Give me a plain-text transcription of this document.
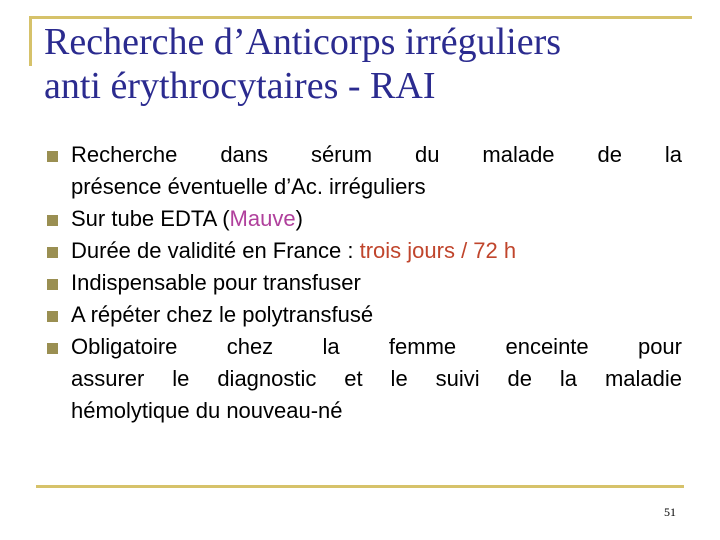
Recherche d’Anticorps irréguliers
anti érythrocytaires - RAI
Recherche dans sérum du malade de la
présence éventuelle d’Ac. irréguliers
Sur tube EDTA (Mauve)
Durée de validité en France : trois jours / 72 h
Indispensable pour transfuser
A répéter chez le polytransfusé
Obligatoire chez la femme enceinte pour
assurer le diagnostic et le suivi de la maladie
hémolytique du nouveau-né
51
